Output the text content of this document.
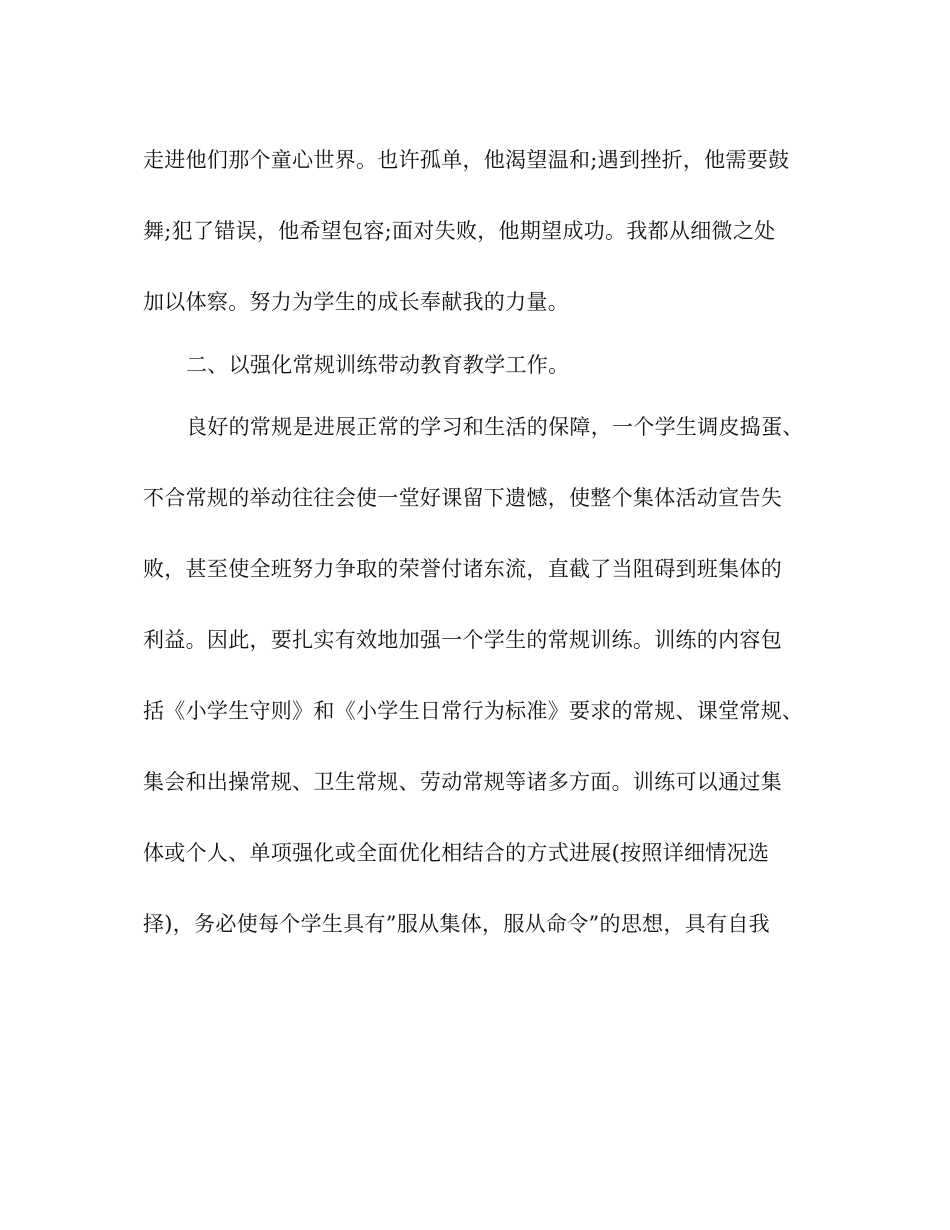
走进他们那个童心世界。也许孤单，他渴望温和;遇到挫折，他需要鼓
舞;犯了错误，他希望包容;面对失败，他期望成功。我都从细微之处
加以体察。努力为学生的成长奉献我的力量。
二、以强化常规训练带动教育教学工作。
良好的常规是进展正常的学习和生活的保障，一个学生调皮捣蛋、
不合常规的举动往往会使一堂好课留下遗憾，使整个集体活动宣告失
败，甚至使全班努力争取的荣誉付诸东流，直截了当阻碍到班集体的
利益。因此，要扎实有效地加强一个学生的常规训练。训练的内容包
括《小学生守则》和《小学生日常行为标准》要求的常规、课堂常规、
集会和出操常规、卫生常规、劳动常规等诸多方面。训练可以通过集
体或个人、单项强化或全面优化相结合的方式进展(按照详细情况选
择)，务必使每个学生具有”服从集体，服从命令”的思想，具有自我
